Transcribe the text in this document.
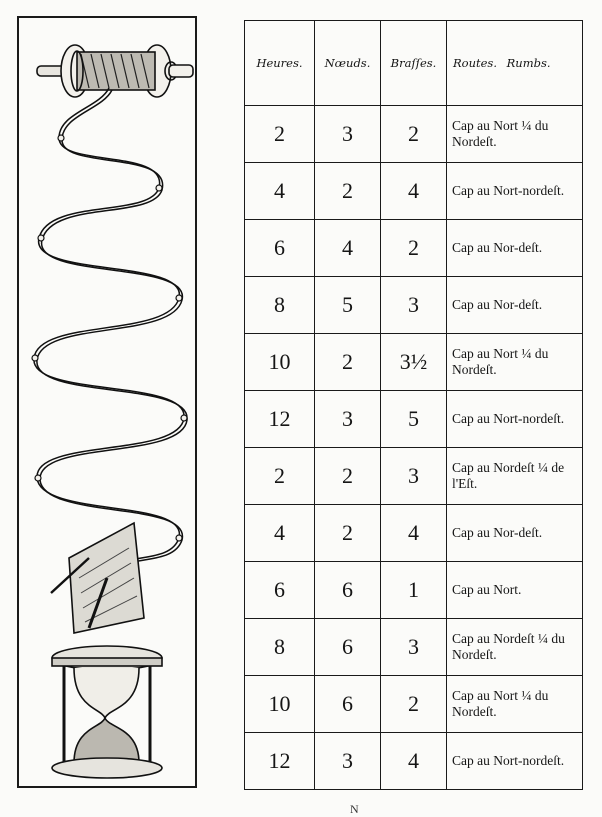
Heures.	Nœuds.	Braſſes.	Routes. Rumbs.
2	3	2	Cap au Nort ¼ du Nordeſt.
4	2	4	Cap au Nort-nordeſt.
6	4	2	Cap au Nor-deſt.
8	5	3	Cap au Nor-deſt.
10	2	3½	Cap au Nort ¼ du Nordeſt.
12	3	5	Cap au Nort-nordeſt.
2	2	3	Cap au Nordeſt ¼ de l'Eſt.
4	2	4	Cap au Nor-deſt.
6	6	1	Cap au Nort.
8	6	3	Cap au Nordeſt ¼ du Nordeſt.
10	6	2	Cap au Nort ¼ du Nordeſt.
12	3	4	Cap au Nort-nordeſt.
N
